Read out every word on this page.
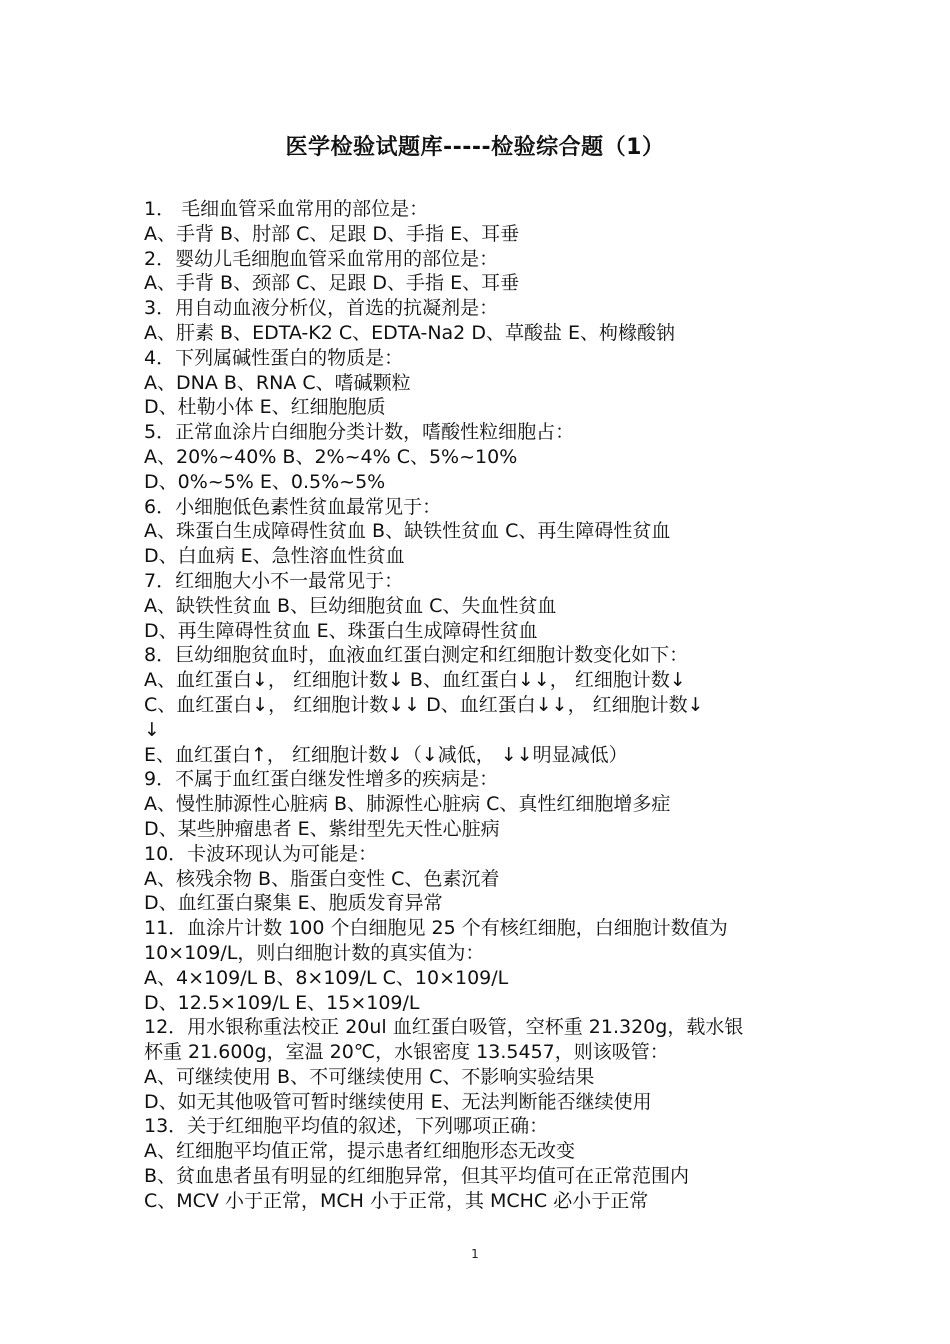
医学检验试题库-----检验综合题（1）
1． 毛细血管采血常用的部位是：
A、手背 B、肘部 C、足跟 D、手指 E、耳垂
2．婴幼儿毛细胞血管采血常用的部位是：
A、手背 B、颈部 C、足跟 D、手指 E、耳垂
3．用自动血液分析仪，首选的抗凝剂是：
A、肝素 B、EDTA-K2 C、EDTA-Na2 D、草酸盐 E、枸橼酸钠
4．下列属碱性蛋白的物质是：
A、DNA B、RNA C、嗜碱颗粒
D、杜勒小体 E、红细胞胞质
5．正常血涂片白细胞分类计数，嗜酸性粒细胞占：
A、20%~40% B、2%~4% C、5%~10%
D、0%~5% E、0.5%~5%
6．小细胞低色素性贫血最常见于：
A、珠蛋白生成障碍性贫血 B、缺铁性贫血 C、再生障碍性贫血
D、白血病 E、急性溶血性贫血
7．红细胞大小不一最常见于：
A、缺铁性贫血 B、巨幼细胞贫血 C、失血性贫血
D、再生障碍性贫血 E、珠蛋白生成障碍性贫血
8．巨幼细胞贫血时，血液血红蛋白测定和红细胞计数变化如下：
A、血红蛋白↓， 红细胞计数↓ B、血红蛋白↓↓， 红细胞计数↓
C、血红蛋白↓， 红细胞计数↓↓ D、血红蛋白↓↓， 红细胞计数↓
↓
E、血红蛋白↑， 红细胞计数↓（↓减低， ↓↓明显减低）
9．不属于血红蛋白继发性增多的疾病是：
A、慢性肺源性心脏病 B、肺源性心脏病 C、真性红细胞增多症
D、某些肿瘤患者 E、紫绀型先天性心脏病
10．卡波环现认为可能是：
A、核残余物 B、脂蛋白变性 C、色素沉着
D、血红蛋白聚集 E、胞质发育异常
11．血涂片计数 100 个白细胞见 25 个有核红细胞，白细胞计数值为
10×109/L，则白细胞计数的真实值为：
A、4×109/L B、8×109/L C、10×109/L
D、12.5×109/L E、15×109/L
12．用水银称重法校正 20ul 血红蛋白吸管，空杯重 21.320g，载水银
杯重 21.600g，室温 20℃，水银密度 13.5457，则该吸管：
A、可继续使用 B、不可继续使用 C、不影响实验结果
D、如无其他吸管可暂时继续使用 E、无法判断能否继续使用
13．关于红细胞平均值的叙述，下列哪项正确：
A、红细胞平均值正常，提示患者红细胞形态无改变
B、贫血患者虽有明显的红细胞异常，但其平均值可在正常范围内
C、MCV 小于正常，MCH 小于正常，其 MCHC 必小于正常
1
